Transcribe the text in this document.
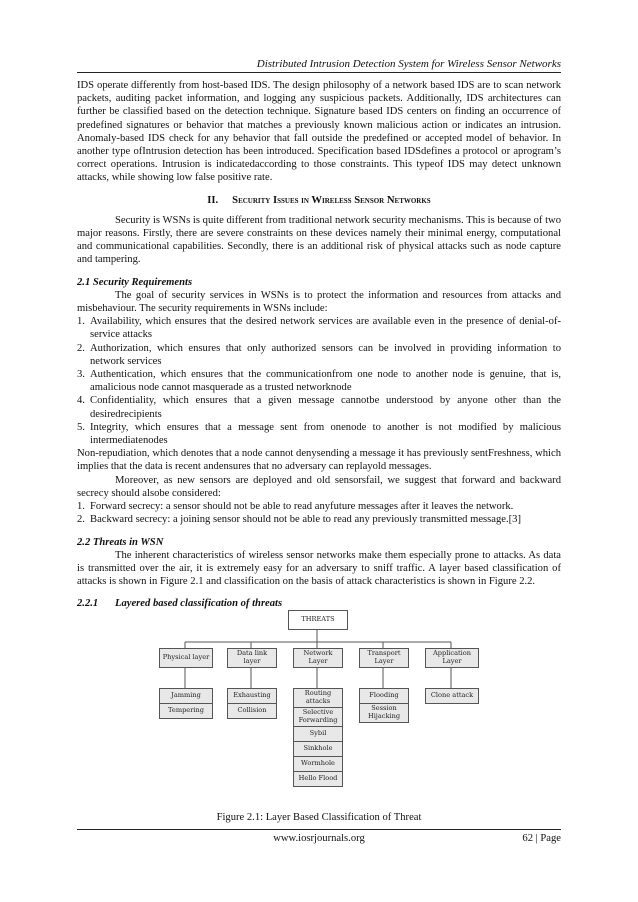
Distributed Intrusion Detection System for Wireless Sensor Networks

IDS operate differently from host-based IDS. The design philosophy of a network based IDS are to scan network packets, auditing packet information, and logging any suspicious packets. Additionally, IDS architectures can further be classified based on the detection technique. Signature based IDS centers on finding an occurrence of predefined signatures or behavior that matches a previously known malicious action or indicates an intrusion. Anomaly-based IDS check for any behavior that fall outside the predefined or accepted model of behavior. In another type ofIntrusion detection has been introduced. Specification based IDSdefines a protocol or aprogram’s correct operations. Intrusion is indicatedaccording to those constraints. This typeof IDS may detect unknown attacks, while showing low false positive rate.

II. Security Issues in Wireless Sensor Networks

Security is WSNs is quite different from traditional network security mechanisms. This is because of two major reasons. Firstly, there are severe constraints on these devices namely their minimal energy, computational and communicational capabilities. Secondly, there is an additional risk of physical attacks such as node capture and tampering.

2.1 Security Requirements

The goal of security services in WSNs is to protect the information and resources from attacks and misbehaviour. The security requirements in WSNs include:

1. Availability, which ensures that the desired network services are available even in the presence of denial-of-service attacks
2. Authorization, which ensures that only authorized sensors can be involved in providing information to network services
3. Authentication, which ensures that the communicationfrom one node to another node is genuine, that is, amalicious node cannot masquerade as a trusted networknode
4. Confidentiality, which ensures that a given message cannotbe understood by anyone other than the desiredrecipients
5. Integrity, which ensures that a message sent from onenode to another is not modified by malicious intermediatenodes

Non-repudiation, which denotes that a node cannot denysending a message it has previously sentFreshness, which implies that the data is recent andensures that no adversary can replayold messages.

Moreover, as new sensors are deployed and old sensorsfail, we suggest that forward and backward secrecy should alsobe considered:

1. Forward secrecy: a sensor should not be able to read anyfuture messages after it leaves the network.
2. Backward secrecy: a joining sensor should not be able to read any previously transmitted message.[3]
2.2 Threats in WSN

The inherent characteristics of wireless sensor networks make them especially prone to attacks. As data is transmitted over the air, it is extremely easy for an adversary to sniff traffic. A layer based classification of attacks is shown in Figure 2.1 and classification on the basis of attack characteristics is shown in Figure 2.2.

2.2.1 Layered based classification of threats
THREATS
Physical layer	Data link layer
Network Layer
Transport Layer
Application Layer
Jamming
Tempering
Exhausting
Collision
Routing attacks
Selective Forwarding
Sybil
Sinkhole
Wormhole
Hello Flood
Flooding
Session Hijacking
Clone attack
Figure 2.1: Layer Based Classification of Threat
www.iosrjournals.org	62 | Page
